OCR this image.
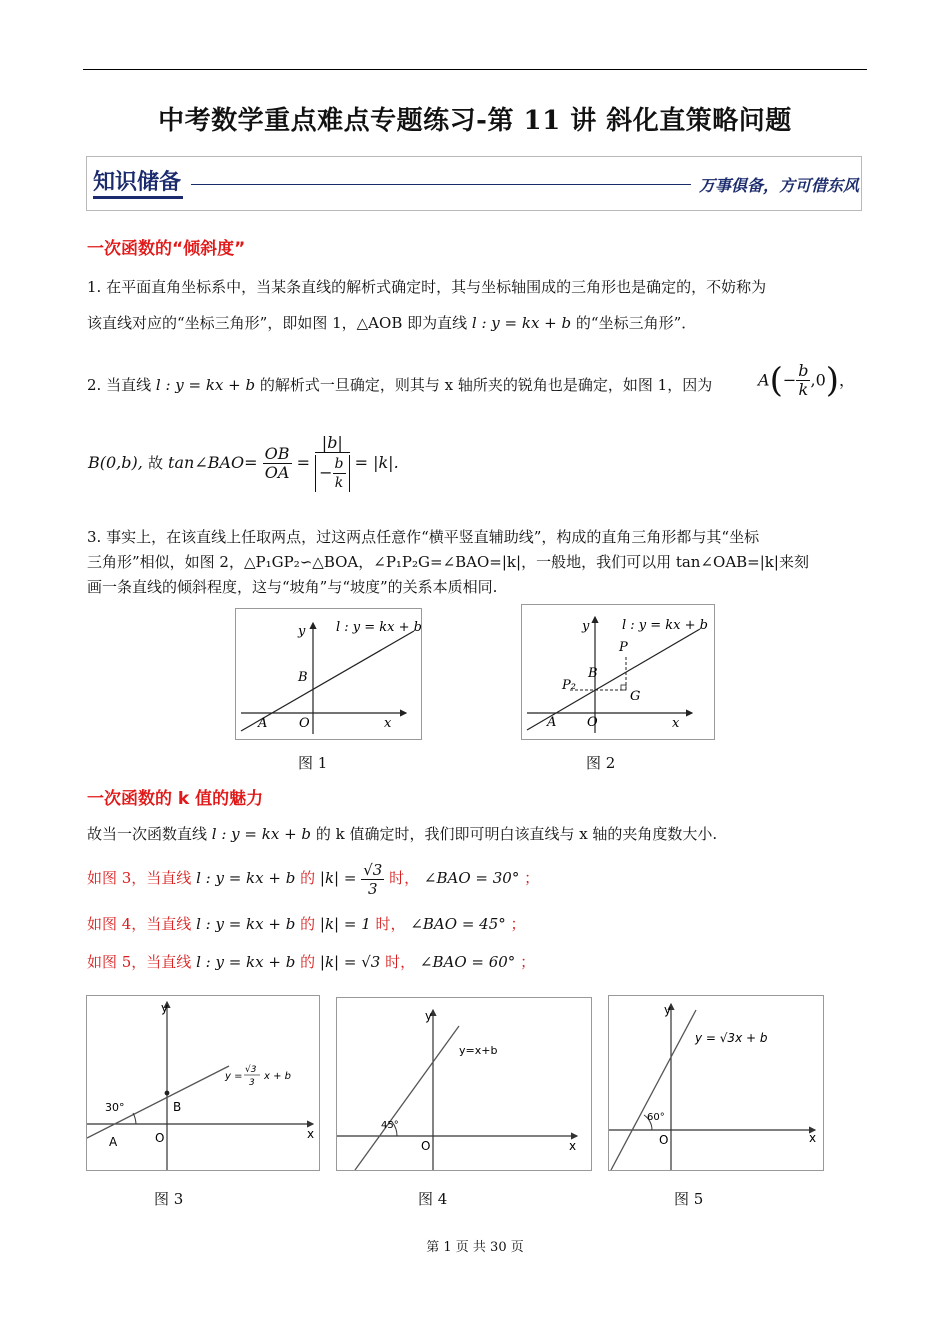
中考数学重点难点专题练习-第 11 讲 斜化直策略问题
知识储备	万事俱备，方可借东风
一次函数的“倾斜度”
1. 在平面直角坐标系中，当某条直线的解析式确定时，其与坐标轴围成的三角形也是确定的，不妨称为
该直线对应的“坐标三角形”，即如图 1，△AOB 即为直线 l : y = kx + b 的“坐标三角形”．
2. 当直线 l : y = kx + b 的解析式一旦确定，则其与 x 轴所夹的锐角也是确定，如图 1，因为	$A(- \frac{b}{k} ,0)$，
B(0,b), 故 tan∠BAO= $\frac{OB}{OA} = \frac{|b|}{- \frac{b}{k}} = |k|$.
3. 事实上，在该直线上任取两点，过这两点任意作“横平竖直辅助线”，构成的直角三角形都与其“坐标
三角形”相似，如图 2，△P₁GP₂∽△BOA，∠P₁P₂G=∠BAO=|k|，一般地，我们可以用 tan∠OAB=|k|来刻
画一条直线的倾斜程度，这与“坡角”与“坡度”的关系本质相同.
y
x
l : y = kx + b
B
A O
图 1
y
x
l : y = kx + b
P
B
P₂
G
A O
图 2
一次函数的 k 值的魅力
故当一次函数直线 l : y = kx + b 的 k 值确定时，我们即可明白该直线与 x 轴的夹角度数大小.
如图 3，当直线 l : y = kx + b 的 $|k| = \frac{√3}{3}$ 时， ∠BAO = 30° ；
如图 4，当直线 l : y = kx + b 的 |k| = 1 时， ∠BAO = 45° ；
如图 5，当直线 l : y = kx + b 的 |k| = √3 时， ∠BAO = 60° ；
y
x
30°	B
A	O
y =
√3
3
x + b
图 3
y
x
y=x+b
45°
O
图 4
y
x
y = √3x + b
60°
O
图 5
第 1 页 共 30 页
